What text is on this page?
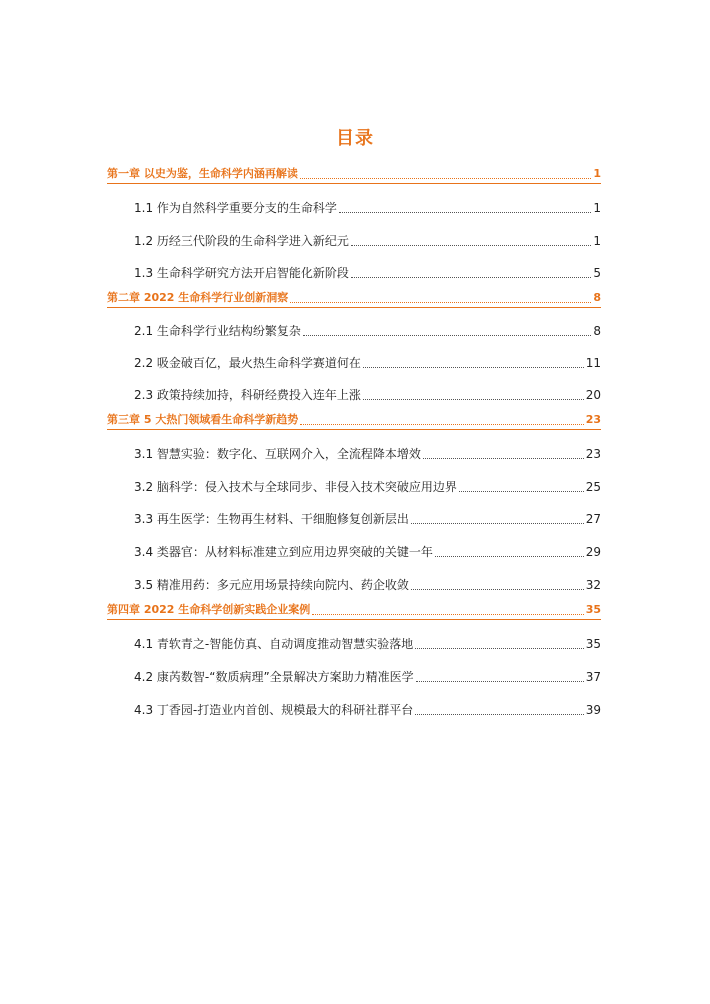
目录
第一章 以史为鉴，生命科学内涵再解读	1
1.1 作为自然科学重要分支的生命科学	1
1.2 历经三代阶段的生命科学进入新纪元	1
1.3 生命科学研究方法开启智能化新阶段	5
第二章 2022 生命科学行业创新洞察	8
2.1 生命科学行业结构纷繁复杂	8
2.2 吸金破百亿，最火热生命科学赛道何在	11
2.3 政策持续加持，科研经费投入连年上涨	20
第三章 5 大热门领域看生命科学新趋势	23
3.1 智慧实验：数字化、互联网介入，全流程降本增效	23
3.2 脑科学：侵入技术与全球同步、非侵入技术突破应用边界	25
3.3 再生医学：生物再生材料、干细胞修复创新层出	27
3.4 类器官：从材料标准建立到应用边界突破的关键一年	29
3.5 精准用药：多元应用场景持续向院内、药企收敛	32
第四章 2022 生命科学创新实践企业案例	35
4.1 青软青之-智能仿真、自动调度推动智慧实验落地	35
4.2 康芮数智-“数质病理”全景解决方案助力精准医学	37
4.3 丁香园-打造业内首创、规模最大的科研社群平台	39
